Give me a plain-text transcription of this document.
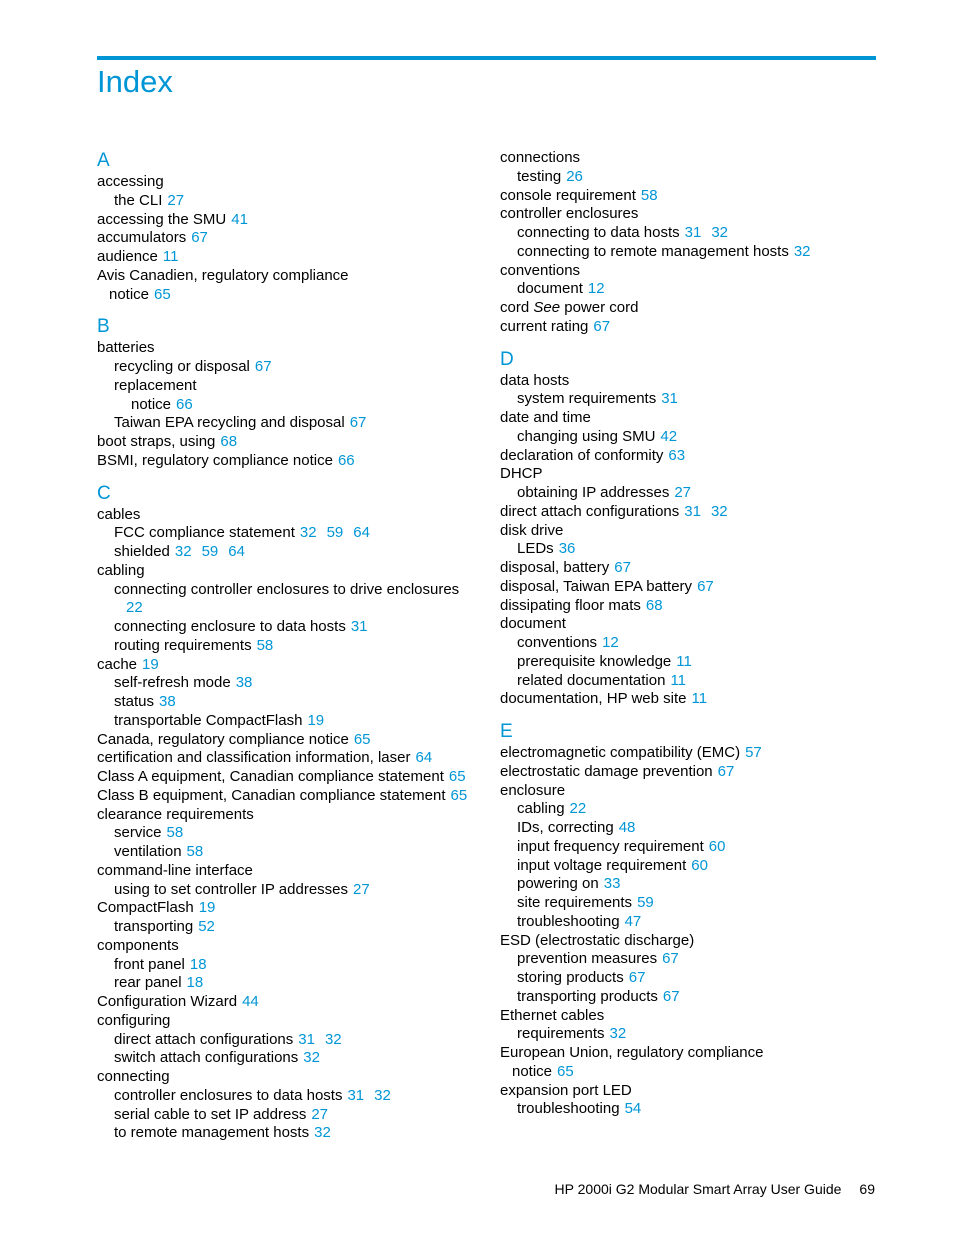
Index
A
accessing
the CLI 27
accessing the SMU 41
accumulators 67
audience 11
Avis Canadien, regulatory compliance
notice 65
B
batteries
recycling or disposal 67
replacement
notice 66
Taiwan EPA recycling and disposal 67
boot straps, using 68
BSMI, regulatory compliance notice 66
C
cables
FCC compliance statement 32 59 64
shielded 32 59 64
cabling
connecting controller enclosures to drive enclosures
22
connecting enclosure to data hosts 31
routing requirements 58
cache 19
self-refresh mode 38
status 38
transportable CompactFlash 19
Canada, regulatory compliance notice 65
certification and classification information, laser 64
Class A equipment, Canadian compliance statement 65
Class B equipment, Canadian compliance statement 65
clearance requirements
service 58
ventilation 58
command-line interface
using to set controller IP addresses 27
CompactFlash 19
transporting 52
components
front panel 18
rear panel 18
Configuration Wizard 44
configuring
direct attach configurations 31 32
switch attach configurations 32
connecting
controller enclosures to data hosts 31 32
serial cable to set IP address 27
to remote management hosts 32
connections
testing 26
console requirement 58
controller enclosures
connecting to data hosts 31 32
connecting to remote management hosts 32
conventions
document 12
cord See power cord
current rating 67
D
data hosts
system requirements 31
date and time
changing using SMU 42
declaration of conformity 63
DHCP
obtaining IP addresses 27
direct attach configurations 31 32
disk drive
LEDs 36
disposal, battery 67
disposal, Taiwan EPA battery 67
dissipating floor mats 68
document
conventions 12
prerequisite knowledge 11
related documentation 11
documentation, HP web site 11
E
electromagnetic compatibility (EMC) 57
electrostatic damage prevention 67
enclosure
cabling 22
IDs, correcting 48
input frequency requirement 60
input voltage requirement 60
powering on 33
site requirements 59
troubleshooting 47
ESD (electrostatic discharge)
prevention measures 67
storing products 67
transporting products 67
Ethernet cables
requirements 32
European Union, regulatory compliance
notice 65
expansion port LED
troubleshooting 54
HP 2000i G2 Modular Smart Array User Guide 69
